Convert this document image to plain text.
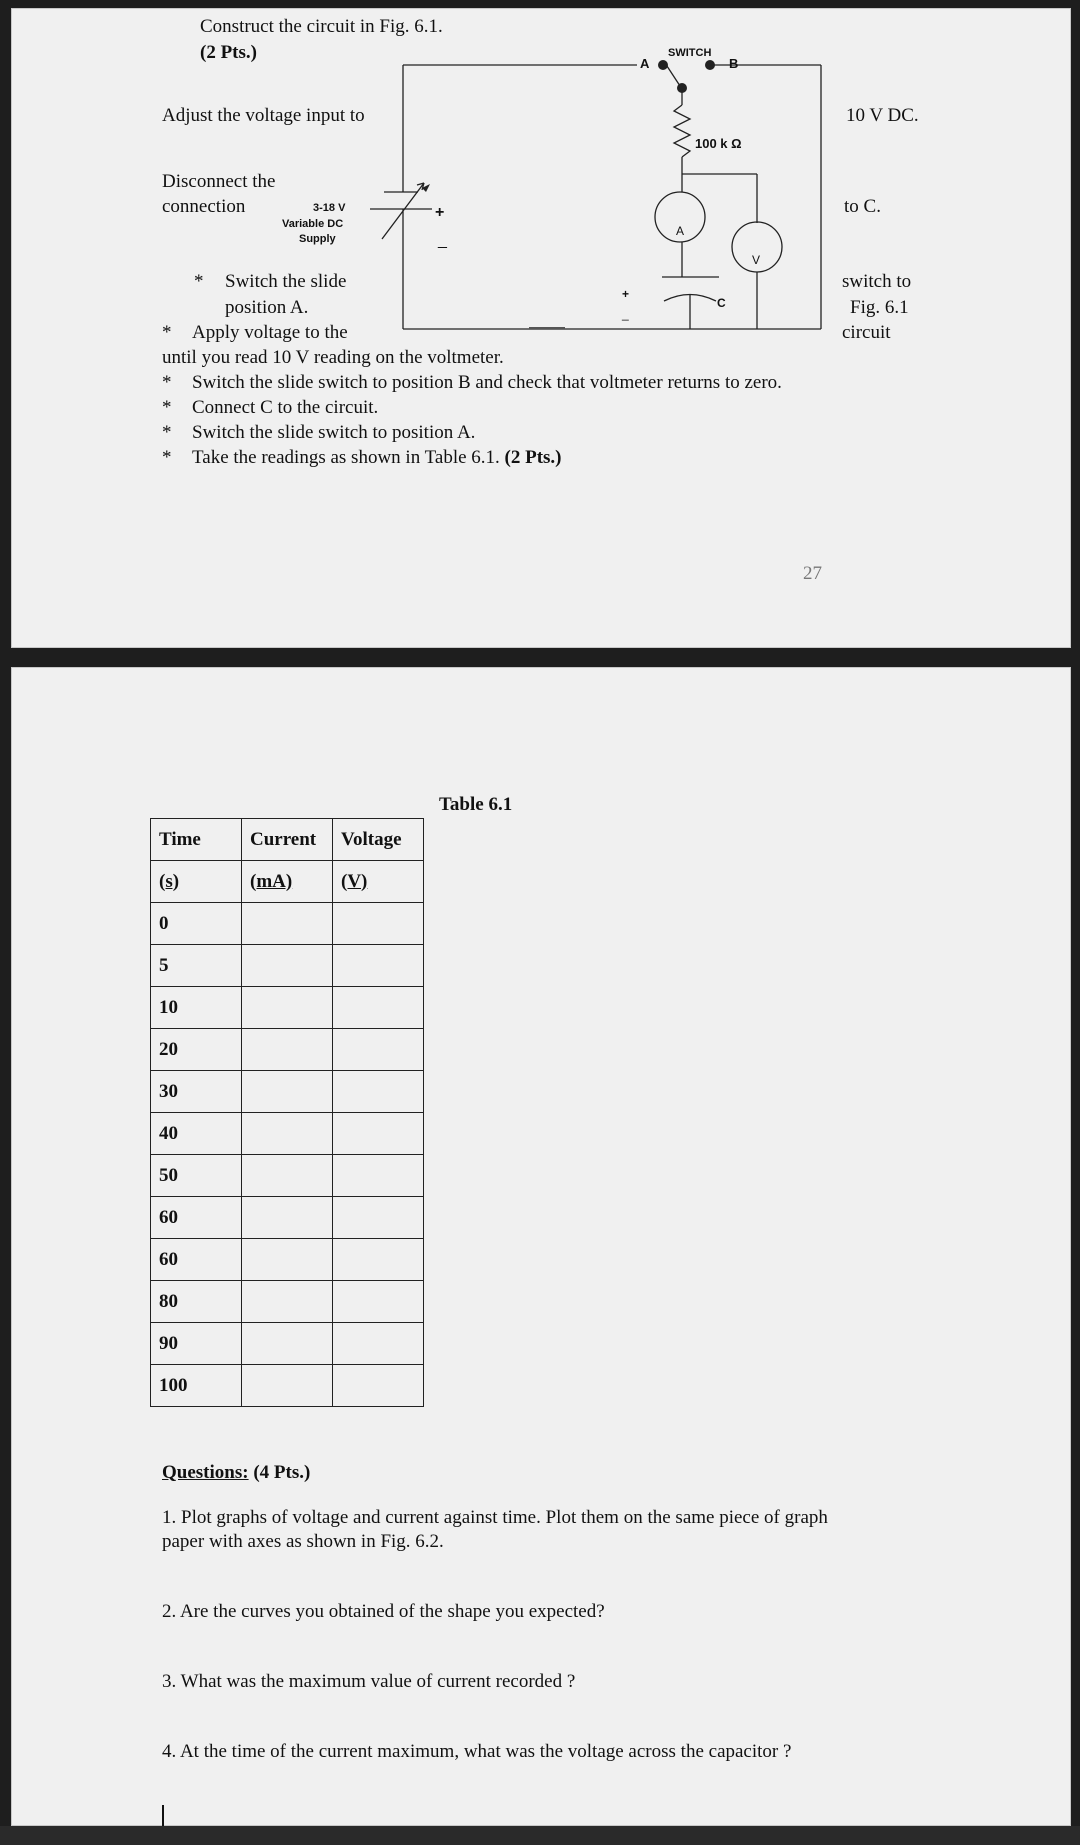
SWITCH
A	B
100 k Ω
3-18 V
Variable DC
Supply
+
_
A
V
C
+
_
Construct the circuit in Fig. 6.1.
(2 Pts.)
Adjust the voltage input to	10 V DC.
Disconnect the
connection	to C.
* Switch the slide
position A.
switch to
Fig. 6.1
* Apply voltage to the	circuit
until you read 10 V reading on the voltmeter.
* Switch the slide switch to position B and check that voltmeter returns to zero.
* Connect C to the circuit.
* Switch the slide switch to position A.
* Take the readings as shown in Table 6.1. (2 Pts.)
27
Table 6.1
Time	Current	Voltage
(s)	(mA)	(V)
0		
5		
10		
20		
30		
40		
50		
60		
60		
80		
90		
100		
Questions: (4 Pts.)
1. Plot graphs of voltage and current against time. Plot them on the same piece of graph
paper with axes as shown in Fig. 6.2.
2. Are the curves you obtained of the shape you expected?
3. What was the maximum value of current recorded ?
4. At the time of the current maximum, what was the voltage across the capacitor ?
